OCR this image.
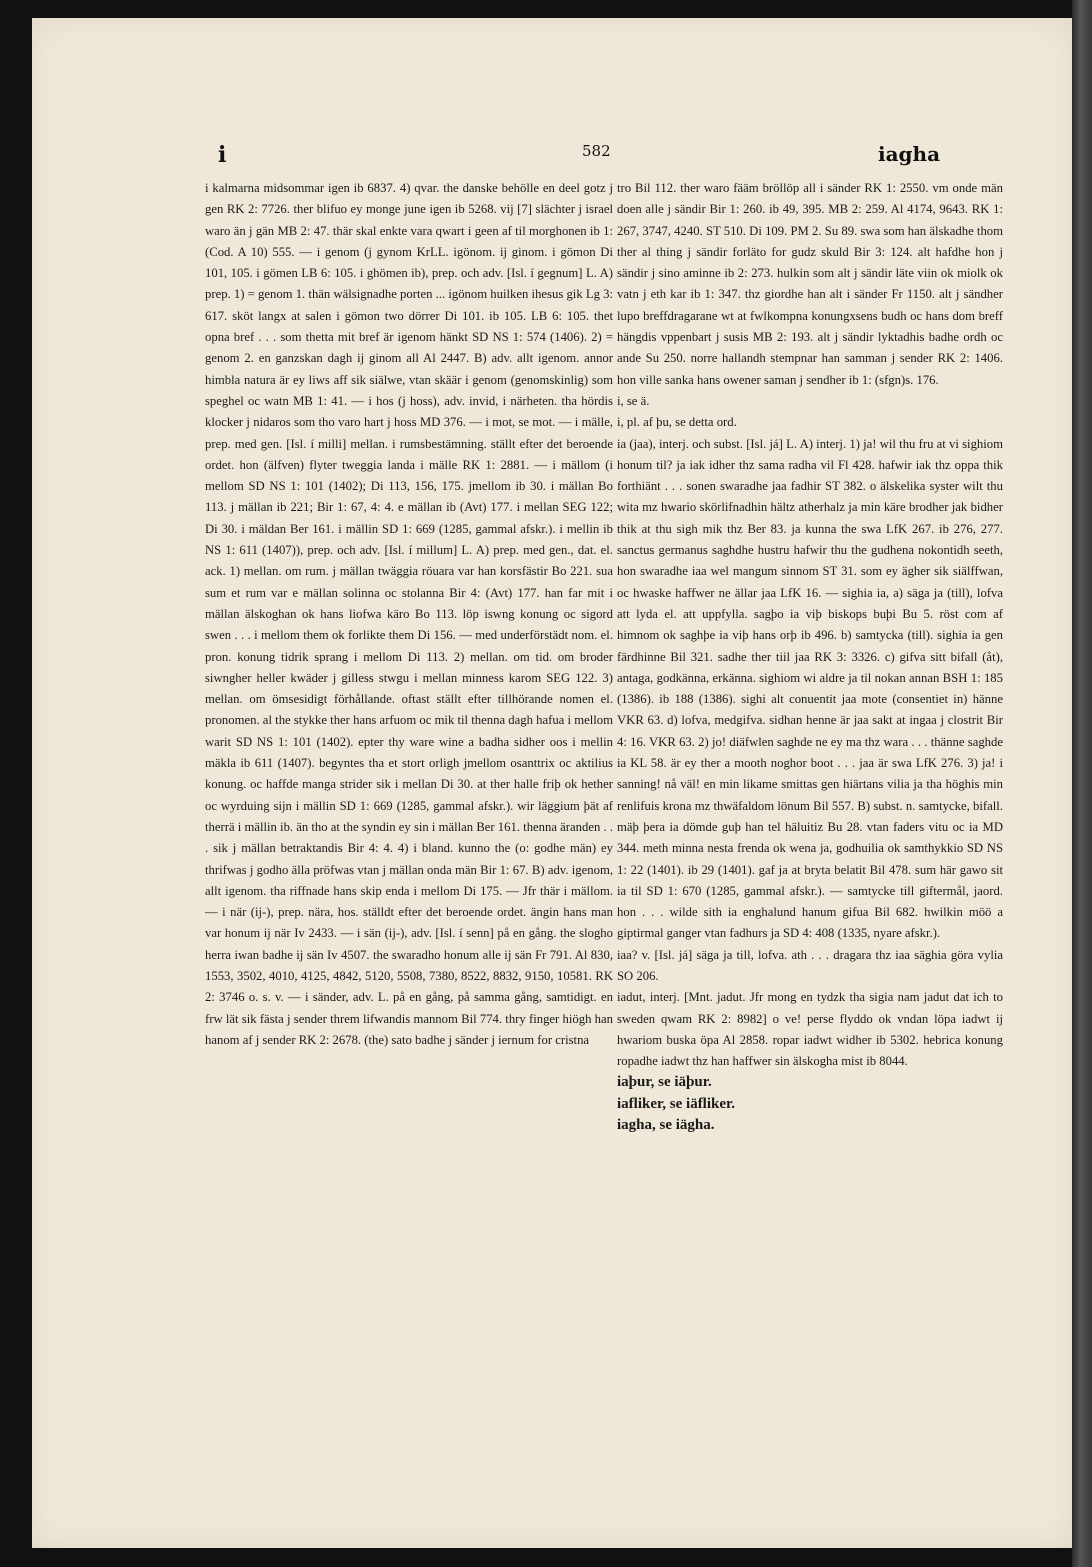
i	582	iagha

i kalmarna midsommar igen ib 6837. 4) qvar. the danske behölle en deel gotz j gen RK 2: 7726. ther blifuo ey monge june igen ib 5268. vij [7] slächter j israel waro än j gän MB 2: 47. thär skal enkte vara qwart i geen af til morghonen ib 1: (Cod. A 10) 555. — i genom (j gynom KrLL. igönom. ij ginom. i gömon Di 101, 105. i gömen LB 6: 105. i ghömen ib), prep. och adv. [Isl. í gegnum] L. A) prep. 1) = genom 1. thän wälsignadhe porten ... igönom huilken ihesus gik Lg 3: 617. sköt langx at salen i gömon two dörrer Di 101. ib 105. LB 6: 105. thet opna bref . . . som thetta mit bref är igenom hänkt SD NS 1: 574 (1406). 2) = genom 2. en ganzskan dagh ij ginom all Al 2447. B) adv. allt igenom. annor himbla natura är ey liws aff sik siälwe, vtan skäär i genom (genomskinlig) som speghel oc watn MB 1: 41. — i hos (j hoss), adv. invid, i närheten. tha hördis klocker j nidaros som tho varo hart j hoss MD 376. — i mot, se mot. — i mälle, prep. med gen. [Isl. í milli] mellan. i rumsbestämning. ställt efter det beroende ordet. hon (älfven) flyter tweggia landa i mälle RK 1: 2881. — i mällom (i mellom SD NS 1: 101 (1402); Di 113, 156, 175. jmellom ib 30. i mällan Bo 113. j mällan ib 221; Bir 1: 67, 4: 4. e mällan ib (Avt) 177. i mellan SEG 122; Di 30. i mäldan Ber 161. i mällin SD 1: 669 (1285, gammal afskr.). i mellin ib NS 1: 611 (1407)), prep. och adv. [Isl. í millum] L. A) prep. med gen., dat. el. ack. 1) mellan. om rum. j mällan twäggia röuara var han korsfästir Bo 221. sua sum et rum var e mällan solinna oc stolanna Bir 4: (Avt) 177. han far mit i mällan älskoghan ok hans liofwa käro Bo 113. löp iswng konung oc sigord swen . . . i mellom them ok forlikte them Di 156. — med underförstädt nom. el. pron. konung tidrik sprang i mellom Di 113. 2) mellan. om tid. om broder siwngher heller kwäder j gilless stwgu i mellan minness karom SEG 122. 3) mellan. om ömsesidigt förhållande. oftast ställt efter tillhörande nomen el. pronomen. al the stykke ther hans arfuom oc mik til thenna dagh hafua i mellom warit SD NS 1: 101 (1402). epter thy ware wine a badha sidher oos i mellin mäkla ib 611 (1407). begyntes tha et stort orligh jmellom osanttrix oc aktilius konung. oc haffde manga strider sik i mellan Di 30. at ther halle friþ ok hether oc wyrduing sijn i mällin SD 1: 669 (1285, gammal afskr.). wir läggium þät af therrä i mällin ib. än tho at the syndin ey sin i mällan Ber 161. thenna äranden . . . sik j mällan betraktandis Bir 4: 4. 4) i bland. kunno the (o: godhe män) ey thrifwas j godho älla pröfwas vtan j mällan onda män Bir 1: 67. B) adv. igenom, allt igenom. tha riffnade hans skip enda i mellom Di 175. — Jfr thär i mällom. — i när (ij-), prep. nära, hos. ställdt efter det beroende ordet. ängin hans man var honum ij när Iv 2433. — i sän (ij-), adv. [Isl. í senn] på en gång. the slogho herra iwan badhe ij sän Iv 4507. the swaradho honum alle ij sän Fr 791. Al 830, 1553, 3502, 4010, 4125, 4842, 5120, 5508, 7380, 8522, 8832, 9150, 10581. RK 2: 3746 o. s. v. — i sänder, adv. L. på en gång, på samma gång, samtidigt. en frw lät sik fästa j sender threm lifwandis mannom Bil 774. thry finger hiögh han hanom af j sender RK 2: 2678. (the) sato badhe j sänder j iernum for cristna

tro Bil 112. ther waro fääm bröllöp all i sänder RK 1: 2550. vm onde män doen alle j sändir Bir 1: 260. ib 49, 395. MB 2: 259. Al 4174, 9643. RK 1: 267, 3747, 4240. ST 510. Di 109. PM 2. Su 89. swa som han älskadhe thom ther al thing j sändir forläto for gudz skuld Bir 3: 124. alt hafdhe hon j sändir j sino aminne ib 2: 273. hulkin som alt j sändir läte viin ok miolk ok vatn j eth kar ib 1: 347. thz giordhe han alt i sänder Fr 1150. alt j sändher lupo breffdragarane wt at fwlkompna konungxsens budh oc hans dom breff hängdis vppenbart j susis MB 2: 193. alt j sändir lyktadhis badhe ordh oc ande Su 250. norre hallandh stempnar han samman j sender RK 2: 1406. hon ville sanka hans owener saman j sendher ib 1: (sfgn)s. 176.

i, se ä.

i, pl. af þu, se detta ord.

ia (jaa), interj. och subst. [Isl. já] L. A) interj. 1) ja! wil thu fru at vi sighiom honum til? ja iak idher thz sama radha vil Fl 428. hafwir iak thz oppa thik forthiänt . . . sonen swaradhe jaa fadhir ST 382. o älskelika syster wilt thu wita mz hwario skörlifnadhin hältz atherhalz ja min käre brodher jak bidher thik at thu sigh mik thz Ber 83. ja kunna the swa LfK 267. ib 276, 277. sanctus germanus saghdhe hustru hafwir thu the gudhena nokontidh seeth, hon swaradhe iaa wel mangum sinnom ST 31. som ey ägher sik siälffwan, oc hwaske haffwer ne ällar jaa LfK 16. — sighia ia, a) säga ja (till), lofva att lyda el. att uppfylla. sagþo ia viþ biskops buþi Bu 5. röst com af himnom ok saghþe ia viþ hans orþ ib 496. b) samtycka (till). sighia ia gen färdhinne Bil 321. sadhe ther tiil jaa RK 3: 3326. c) gifva sitt bifall (åt), antaga, godkänna, erkänna. sighiom wi aldre ja til nokan annan BSH 1: 185 (1386). ib 188 (1386). sighi alt conuentit jaa mote (consentiet in) hänne VKR 63. d) lofva, medgifva. sidhan henne är jaa sakt at ingaa j clostrit Bir 4: 16. VKR 63. 2) jo! diäfwlen saghde ne ey ma thz wara . . . thänne saghde ia KL 58. är ey ther a mooth noghor boot . . . jaa är swa LfK 276. 3) ja! i sanning! nå väl! en min likame smittas gen hiärtans vilia ja tha höghis min renlifuis krona mz thwäfaldom lönum Bil 557. B) subst. n. samtycke, bifall. mäþ þera ia dömde guþ han tel häluitiz Bu 28. vtan faders vitu oc ia MD 344. meth minna nesta frenda ok wena ja, godhuilia ok samthykkio SD NS 1: 22 (1401). ib 29 (1401). gaf ja at bryta belatit Bil 478. sum här gawo sit ia til SD 1: 670 (1285, gammal afskr.). — samtycke till giftermål, jaord. hon . . . wilde sith ia enghalund hanum gifua Bil 682. hwilkin möö a giptirmal ganger vtan fadhurs ja SD 4: 408 (1335, nyare afskr.).

iaa? v. [Isl. já] säga ja till, lofva. ath . . . dragara thz iaa säghia göra vylia SO 206.

iadut, interj. [Mnt. jadut. Jfr mong en tydzk tha sigia nam jadut dat ich to sweden qwam RK 2: 8982] o ve! perse flyddo ok vndan löpa iadwt ij hwariom buska öpa Al 2858. ropar iadwt widher ib 5302. hebrica konung ropadhe iadwt thz han haffwer sin älskogha mist ib 8044.

iaþur, se iäþur.

iafliker, se iäfliker.

iagha, se iägha.
